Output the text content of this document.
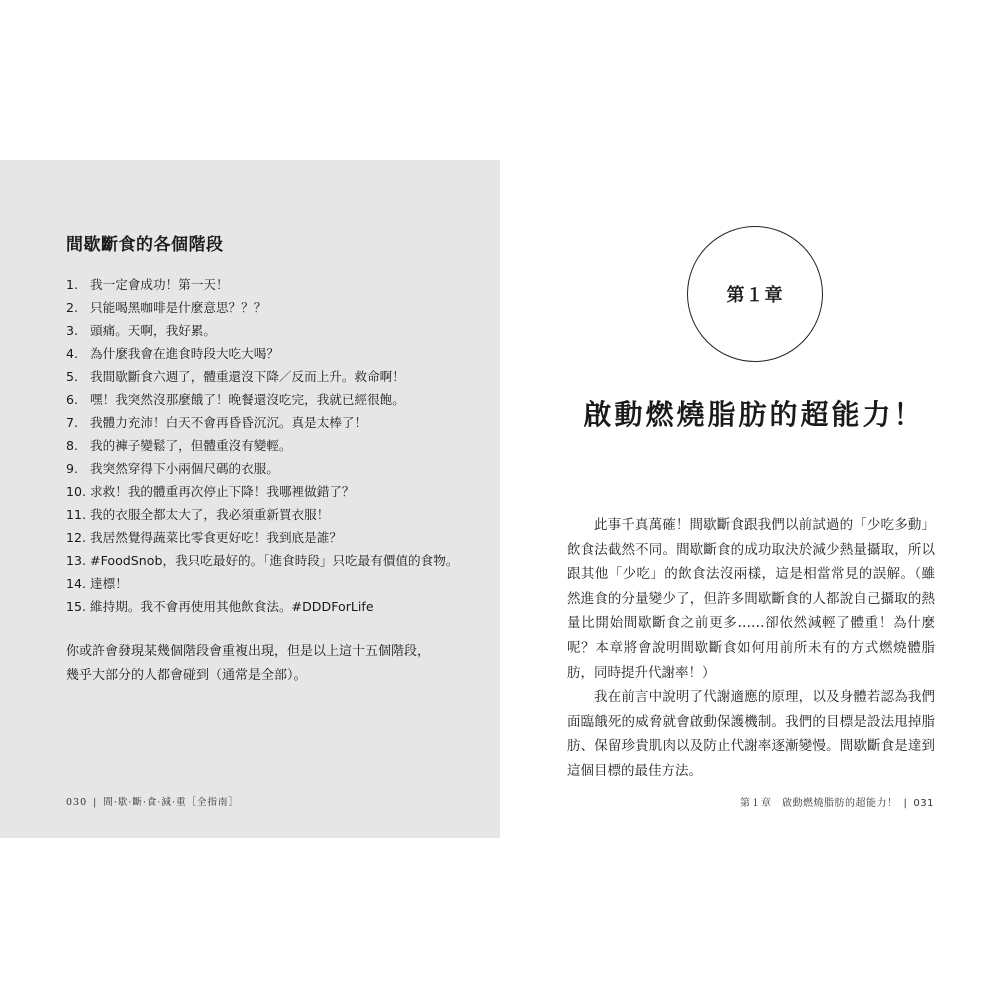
間歇斷食的各個階段
1.
我一定會成功！第一天！
2.
只能喝黑咖啡是什麼意思？？？
3.
頭痛。天啊，我好累。
4.
為什麼我會在進食時段大吃大喝？
5.
我間歇斷食六週了，體重還沒下降／反而上升。救命啊！
6.
嘿！我突然沒那麼餓了！晚餐還沒吃完，我就已經很飽。
7.
我體力充沛！白天不會再昏昏沉沉。真是太棒了！
8.
我的褲子變鬆了，但體重沒有變輕。
9.
我突然穿得下小兩個尺碼的衣服。
10.
求救！我的體重再次停止下降！我哪裡做錯了？
11.
我的衣服全都太大了，我必須重新買衣服！
12.
我居然覺得蔬菜比零食更好吃！我到底是誰？
13.
#FoodSnob，我只吃最好的。「進食時段」只吃最有價值的食物。
14.
達標！
15.
維持期。我不會再使用其他飲食法。#DDDForLife
你或許會發現某幾個階段會重複出現，但是以上這十五個階段，幾乎大部分的人都會碰到（通常是全部）。
030 | 間·歇·斷·食·減·重［全指南］
第１章
啟動燃燒脂肪的超能力！

此事千真萬確！間歇斷食跟我們以前試過的「少吃多動」飲食法截然不同。間歇斷食的成功取決於減少熱量攝取，所以跟其他「少吃」的飲食法沒兩樣，這是相當常見的誤解。（雖然進食的分量變少了，但許多間歇斷食的人都說自己攝取的熱量比開始間歇斷食之前更多……卻依然減輕了體重！為什麼呢？本章將會說明間歇斷食如何用前所未有的方式燃燒體脂肪，同時提升代謝率！）

我在前言中說明了代謝適應的原理，以及身體若認為我們面臨餓死的威脅就會啟動保護機制。我們的目標是設法甩掉脂肪、保留珍貴肌肉以及防止代謝率逐漸變慢。間歇斷食是達到這個目標的最佳方法。

第１章　啟動燃燒脂肪的超能力！ | 031
